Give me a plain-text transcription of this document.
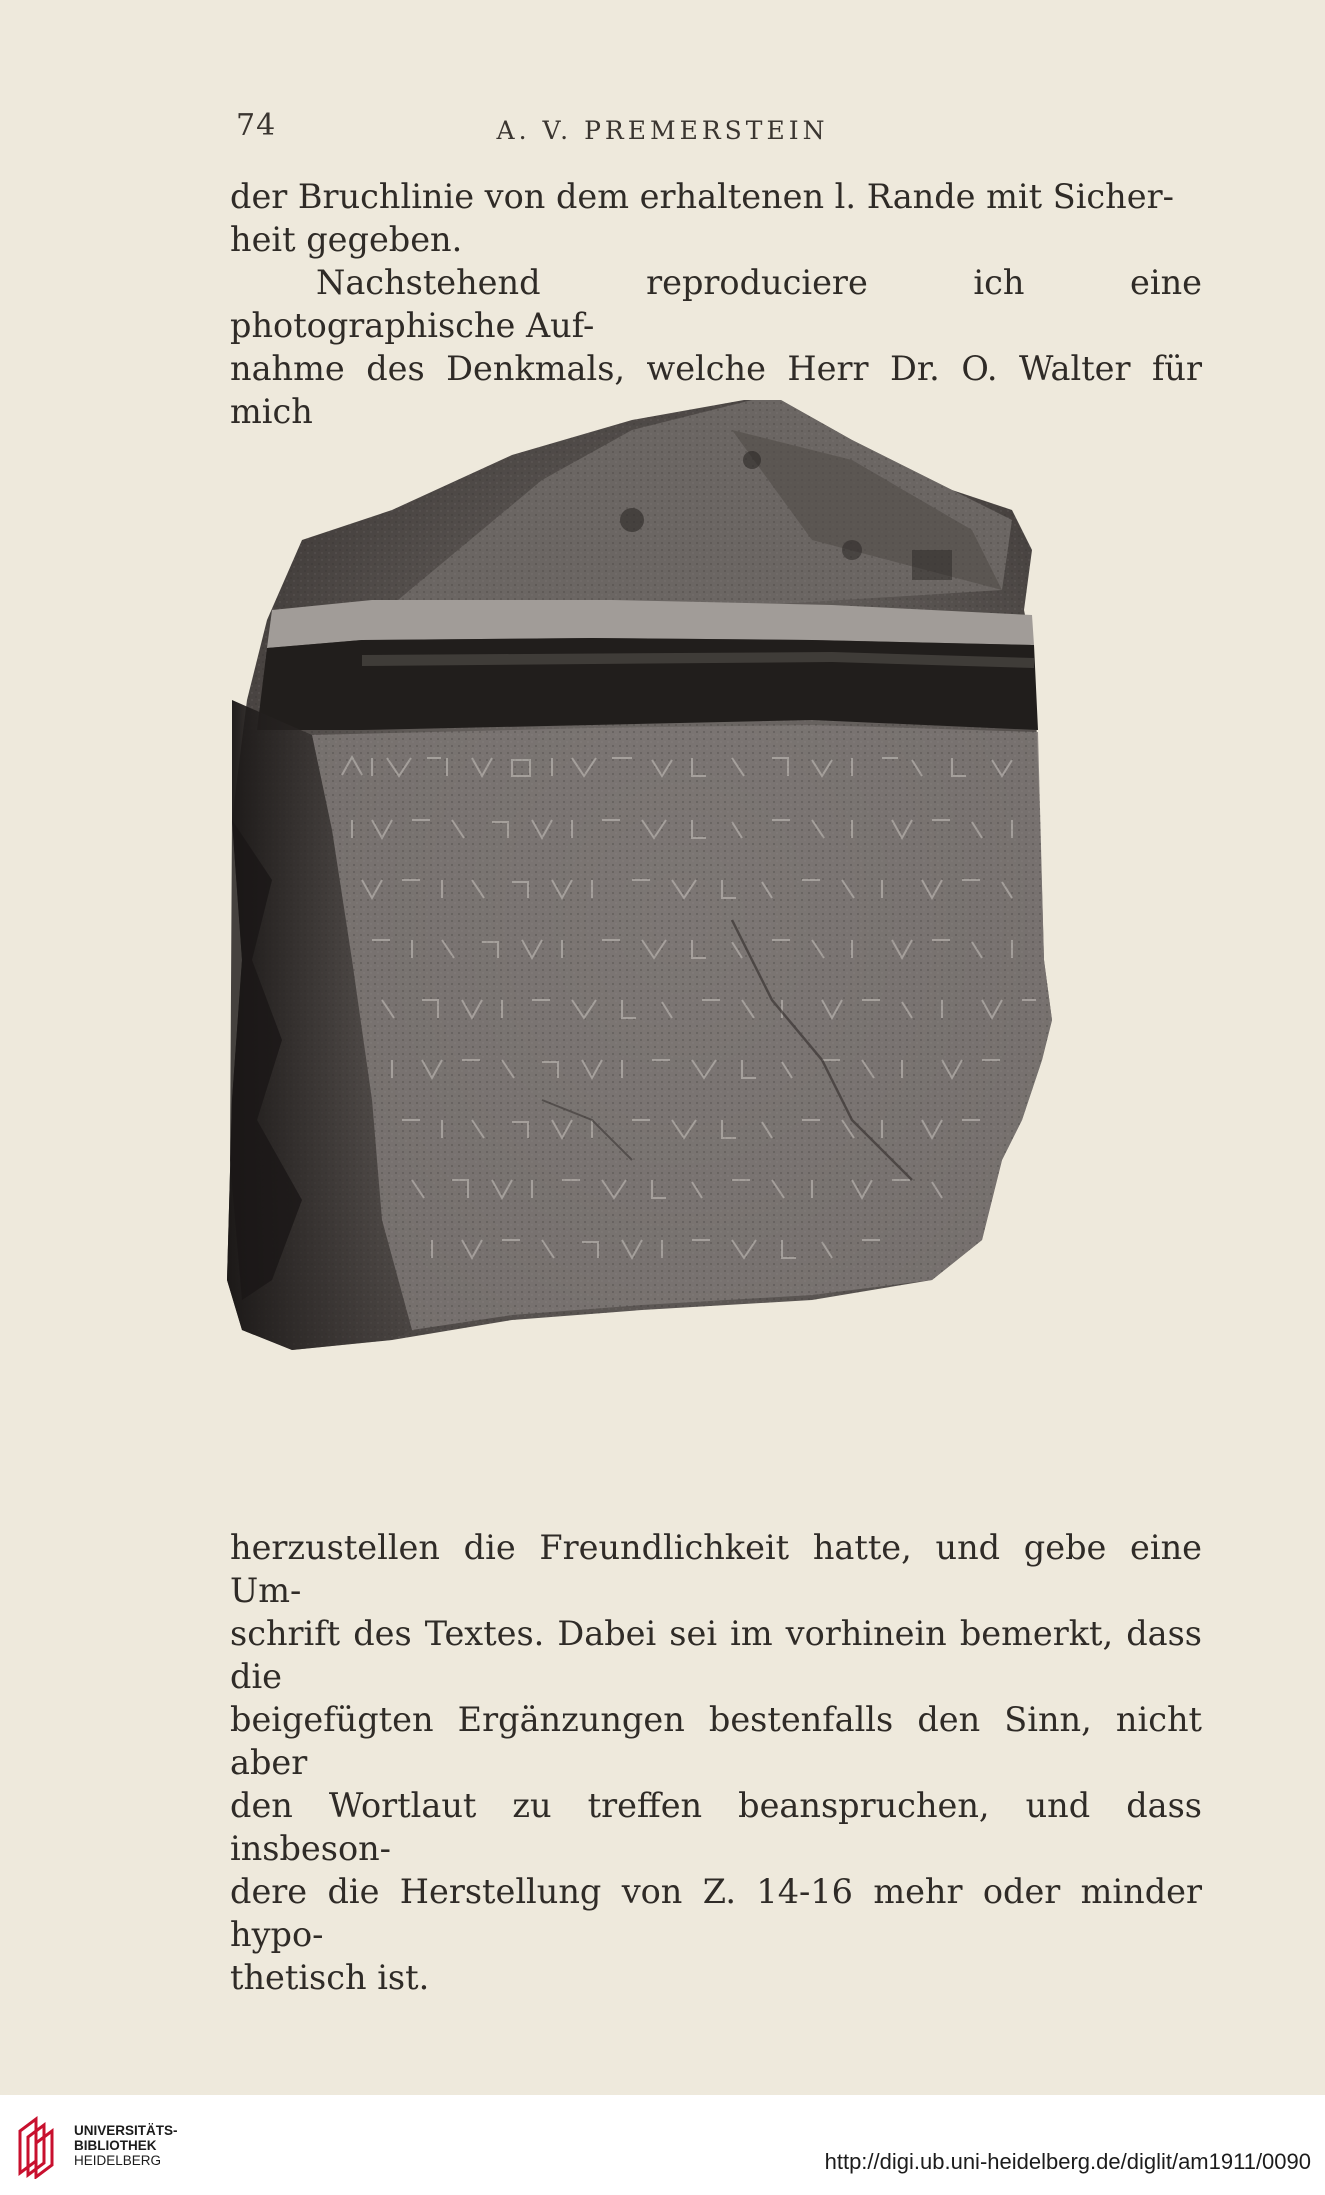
74	A. V. PREMERSTEIN

der Bruchlinie von dem erhaltenen l. Rande mit Sicher-

heit gegeben.

Nachstehend reproduciere ich eine photographische Auf-

nahme des Denkmals, welche Herr Dr. O. Walter für mich

herzustellen die Freundlichkeit hatte, und gebe eine Um-

schrift des Textes. Dabei sei im vorhinein bemerkt, dass die

beigefügten Ergänzungen bestenfalls den Sinn, nicht aber

den Wortlaut zu treffen beanspruchen, und dass insbeson-

dere die Herstellung von Z. 14-16 mehr oder minder hypo-

thetisch ist.

UNIVERSITÄTS-
BIBLIOTHEK
HEIDELBERG	http://digi.ub.uni-heidelberg.de/diglit/am1911/0090
